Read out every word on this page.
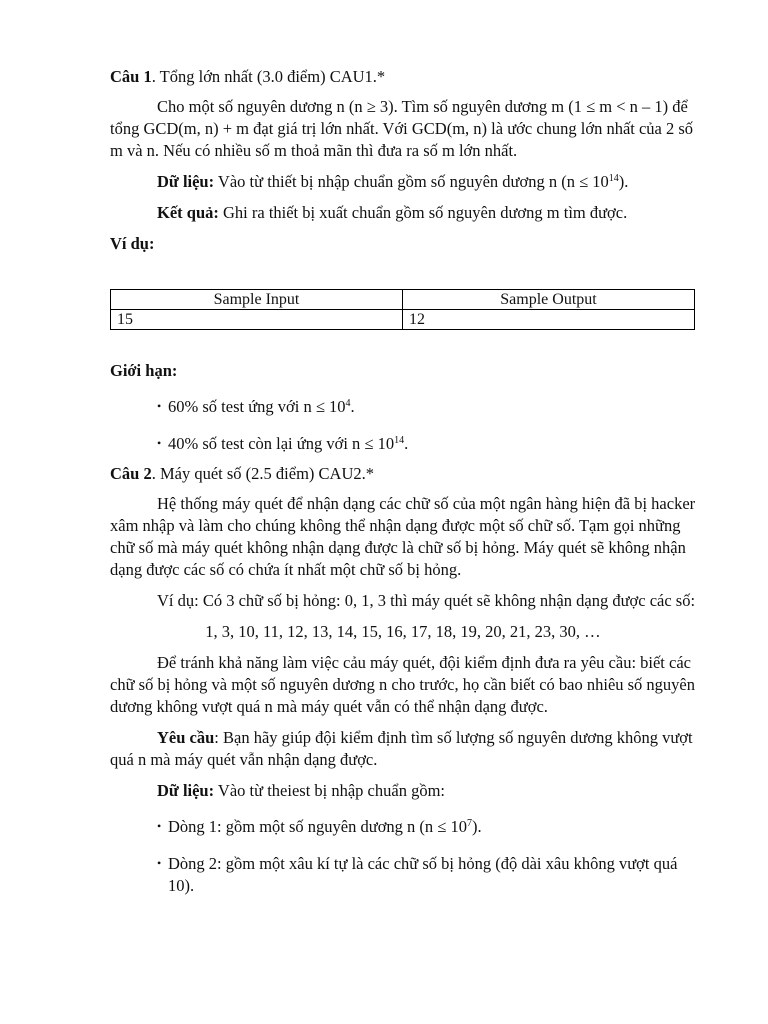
Câu 1. Tổng lớn nhất (3.0 điểm) CAU1.*

Cho một số nguyên dương n (n ≥ 3). Tìm số nguyên dương m (1 ≤ m < n – 1) để tổng GCD(m, n) + m đạt giá trị lớn nhất. Với GCD(m, n) là ước chung lớn nhất của 2 số m và n. Nếu có nhiều số m thoả mãn thì đưa ra số m lớn nhất.

Dữ liệu: Vào từ thiết bị nhập chuẩn gồm số nguyên dương n $(n \le 10^{14})$.

Kết quả: Ghi ra thiết bị xuất chuẩn gồm số nguyên dương m tìm được.

Ví dụ:

Sample Input	Sample Output
15	12

Giới hạn:

• 60% số test ứng với $n \le 10^4$.

• 40% số test còn lại ứng với $n \le 10^{14}$.

Câu 2. Máy quét số (2.5 điểm) CAU2.*

Hệ thống máy quét để nhận dạng các chữ số của một ngân hàng hiện đã bị hacker xâm nhập và làm cho chúng không thể nhận dạng được một số chữ số. Tạm gọi những chữ số mà máy quét không nhận dạng được là chữ số bị hỏng. Máy quét sẽ không nhận dạng được các số có chứa ít nhất một chữ số bị hỏng.

Ví dụ: Có 3 chữ số bị hỏng: 0, 1, 3 thì máy quét sẽ không nhận dạng được các số:

1, 3, 10, 11, 12, 13, 14, 15, 16, 17, 18, 19, 20, 21, 23, 30, …

Để tránh khả năng làm việc cảu máy quét, đội kiểm định đưa ra yêu cầu: biết các chữ số bị hỏng và một số nguyên dương n cho trước, họ cần biết có bao nhiêu số nguyên dương không vượt quá n mà máy quét vẫn có thể nhận dạng được.

Yêu cầu: Bạn hãy giúp đội kiểm định tìm số lượng số nguyên dương không vượt quá n mà máy quét vẫn nhận dạng được.

Dữ liệu: Vào từ theiest bị nhập chuẩn gồm:

• Dòng 1: gồm một số nguyên dương n $(n \le 10^7)$.

• Dòng 2: gồm một xâu kí tự là các chữ số bị hỏng (độ dài xâu không vượt quá 10).
